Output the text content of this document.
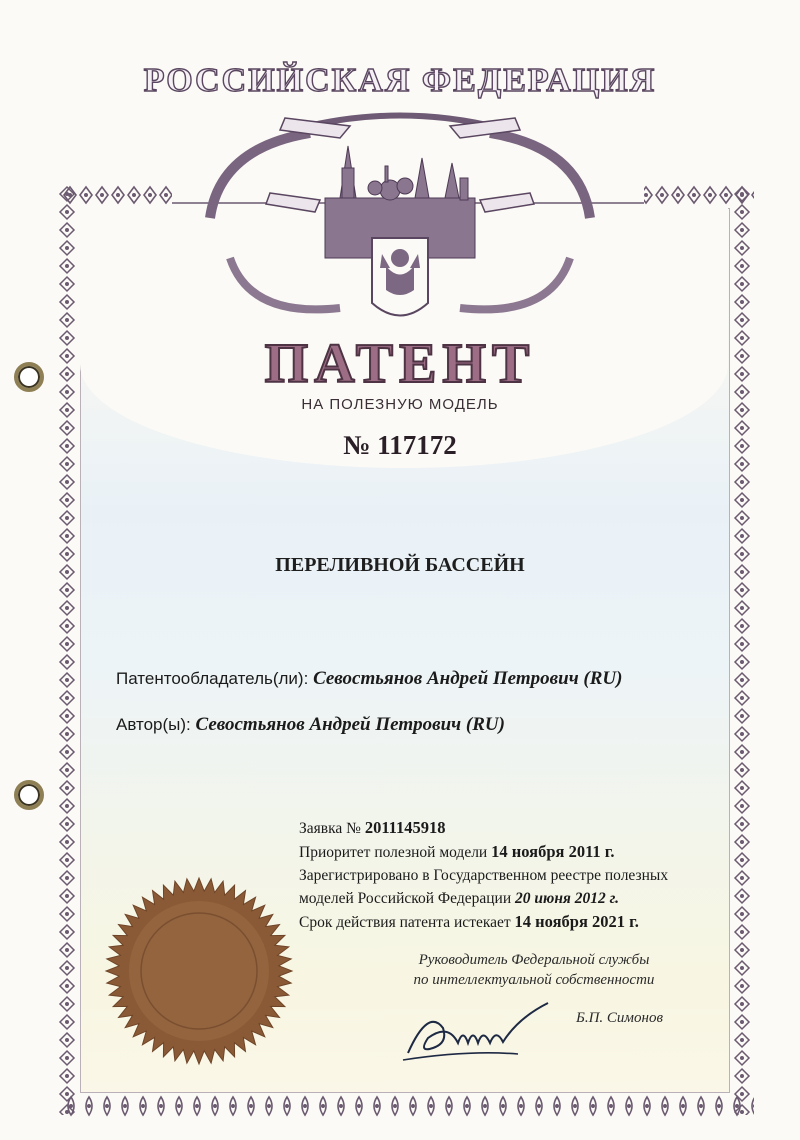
РОССИЙСКАЯ ФЕДЕРАЦИЯ
ПАТЕНТ
НА ПОЛЕЗНУЮ МОДЕЛЬ
№ 117172
ПЕРЕЛИВНОЙ БАССЕЙН
Патентообладатель(ли): Севостьянов Андрей Петрович (RU)
Автор(ы): Севостьянов Андрей Петрович (RU)
Заявка № 2011145918
Приоритет полезной модели 14 ноября 2011 г.
Зарегистрировано в Государственном реестре полезных
моделей Российской Федерации 20 июня 2012 г.
Срок действия патента истекает 14 ноября 2021 г.
Руководитель Федеральной службы
по интеллектуальной собственности
Б.П. Симонов
